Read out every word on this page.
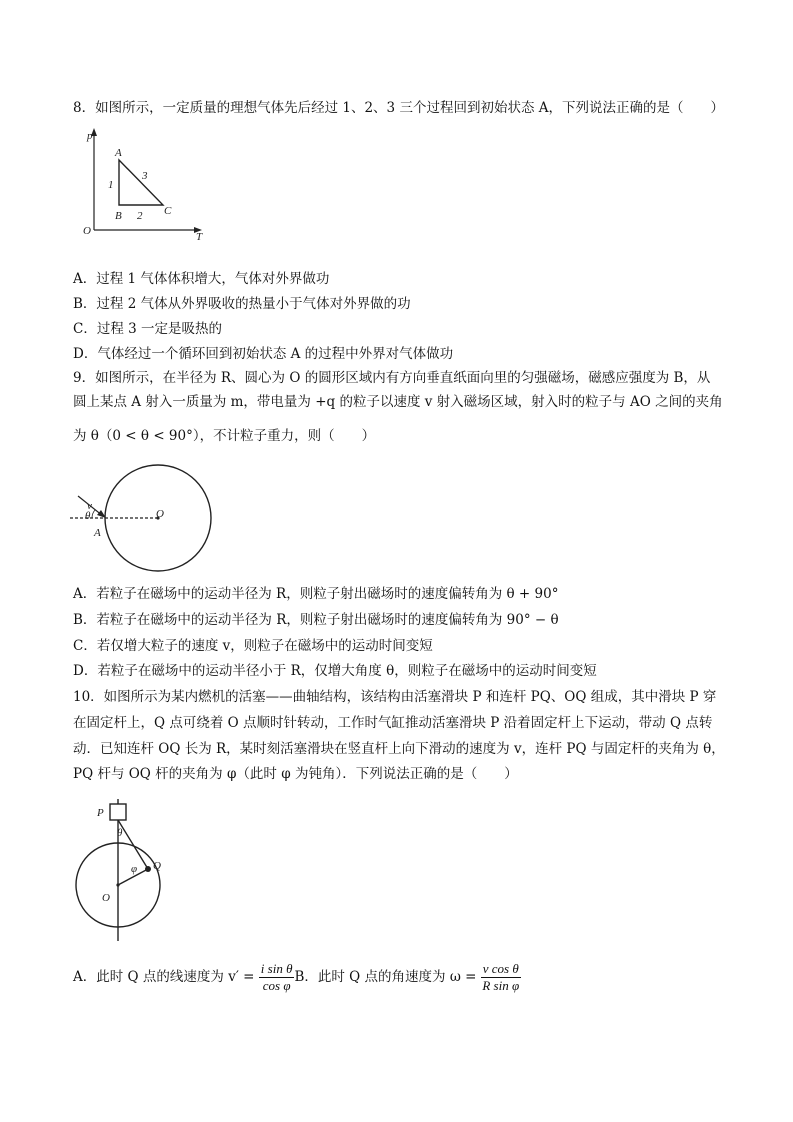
8．如图所示，一定质量的理想气体先后经过 1、2、3 三个过程回到初始状态 A，下列说法正确的是（　　）
p
T
O
A
B	C
1
2
3
A．过程 1 气体体积增大，气体对外界做功
B．过程 2 气体从外界吸收的热量小于气体对外界做的功
C．过程 3 一定是吸热的
D．气体经过一个循环回到初始状态 A 的过程中外界对气体做功
9．如图所示，在半径为 R、圆心为 O 的圆形区域内有方向垂直纸面向里的匀强磁场，磁感应强度为 B，从
圆上某点 A 射入一质量为 m，带电量为 +q 的粒子以速度 v 射入磁场区域，射入时的粒子与 AO 之间的夹角
为 θ（0 < θ < 90°），不计粒子重力，则（　　）
v
θ
A
O
A．若粒子在磁场中的运动半径为 R，则粒子射出磁场时的速度偏转角为 θ + 90°
B．若粒子在磁场中的运动半径为 R，则粒子射出磁场时的速度偏转角为 90° − θ
C．若仅增大粒子的速度 v，则粒子在磁场中的运动时间变短
D．若粒子在磁场中的运动半径小于 R，仅增大角度 θ，则粒子在磁场中的运动时间变短
10．如图所示为某内燃机的活塞——曲轴结构，该结构由活塞滑块 P 和连杆 PQ、OQ 组成，其中滑块 P 穿
在固定杆上，Q 点可绕着 O 点顺时针转动，工作时气缸推动活塞滑块 P 沿着固定杆上下运动，带动 Q 点转
动．已知连杆 OQ 长为 R，某时刻活塞滑块在竖直杆上向下滑动的速度为 v，连杆 PQ 与固定杆的夹角为 θ，
PQ 杆与 OQ 杆的夹角为 φ（此时 φ 为钝角）．下列说法正确的是（　　）
P
Q
O
θ
φ
A．此时 Q 点的线速度为 $v' = \frac{\text{i sin θ}}{\text{cos φ}}$ B．此时 Q 点的角速度为 $\omega = \frac{\text{v cos θ}}{\text{R sin φ}}$
